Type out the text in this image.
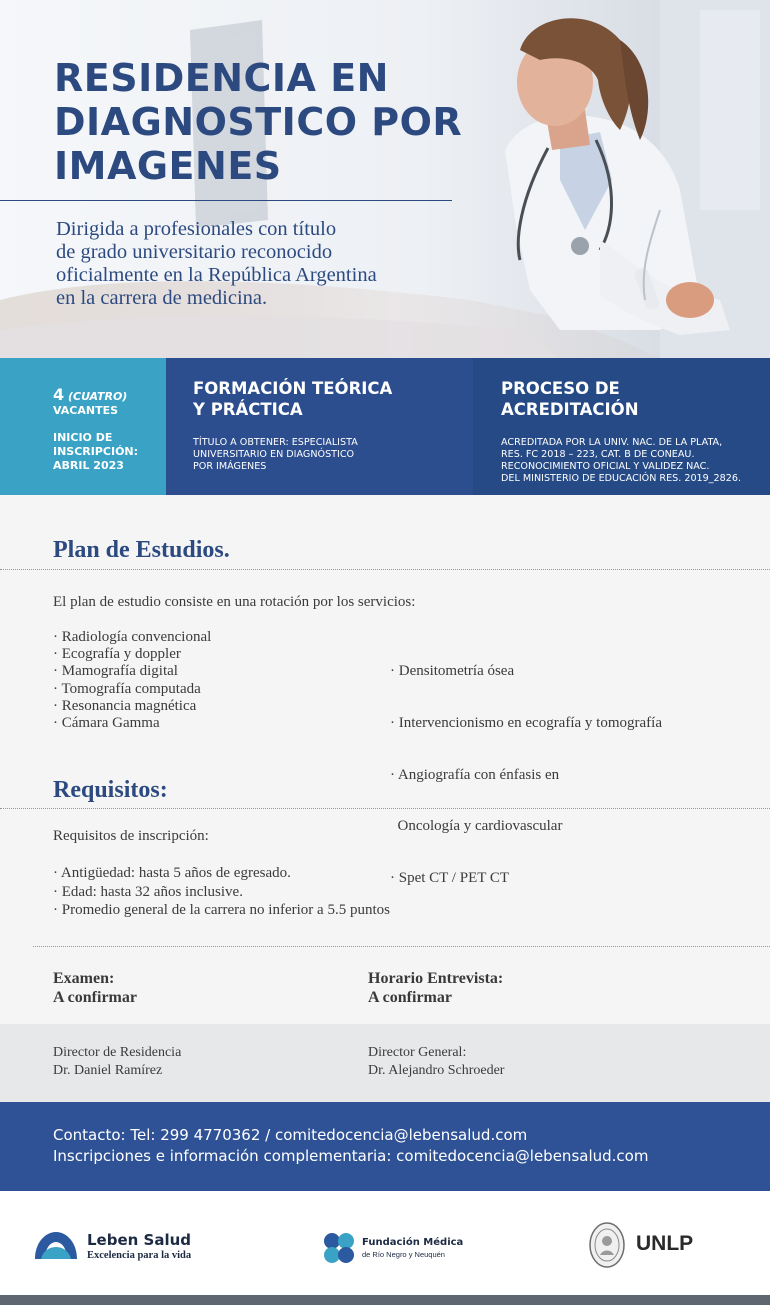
RESIDENCIA EN
DIAGNOSTICO POR
IMAGENES
Dirigida a profesionales con título
de grado universitario reconocido
oficialmente en la República Argentina
en la carrera de medicina.
4 (CUATRO)
VACANTES
INICIO DE
INSCRIPCIÓN:
ABRIL 2023
FORMACIÓN TEÓRICA
Y PRÁCTICA
TÍTULO A OBTENER: ESPECIALISTA
UNIVERSITARIO EN DIAGNÓSTICO
POR IMÁGENES
PROCESO DE
ACREDITACIÓN
ACREDITADA POR LA UNIV. NAC. DE LA PLATA,
RES. FC 2018 – 223, CAT. B DE CONEAU.
RECONOCIMIENTO OFICIAL Y VALIDEZ NAC.
DEL MINISTERIO DE EDUCACIÓN RES. 2019_2826.
Plan de Estudios.
El plan de estudio consiste en una rotación por los servicios:
· Radiología convencional
· Ecografía y doppler
· Mamografía digital
· Tomografía computada
· Resonancia magnética
· Cámara Gamma

· Densitometría ósea

· Intervencionismo en ecografía y tomografía

· Angiografía con énfasis en

Oncología y cardiovascular

· Spet CT / PET CT

Requisitos:
Requisitos de inscripción:
· Antigüedad: hasta 5 años de egresado.
· Edad: hasta 32 años inclusive.
· Promedio general de la carrera no inferior a 5.5 puntos
Examen:
A confirmar
Horario Entrevista:
A confirmar
Director de Residencia
Dr. Daniel Ramírez
Director General:
Dr. Alejandro Schroeder
Contacto: Tel: 299 4770362 / comitedocencia@lebensalud.com
Inscripciones e información complementaria: comitedocencia@lebensalud.com
Leben Salud
Excelencia para la vida
Fundación Médica
de Río Negro y Neuquén	UNLP
